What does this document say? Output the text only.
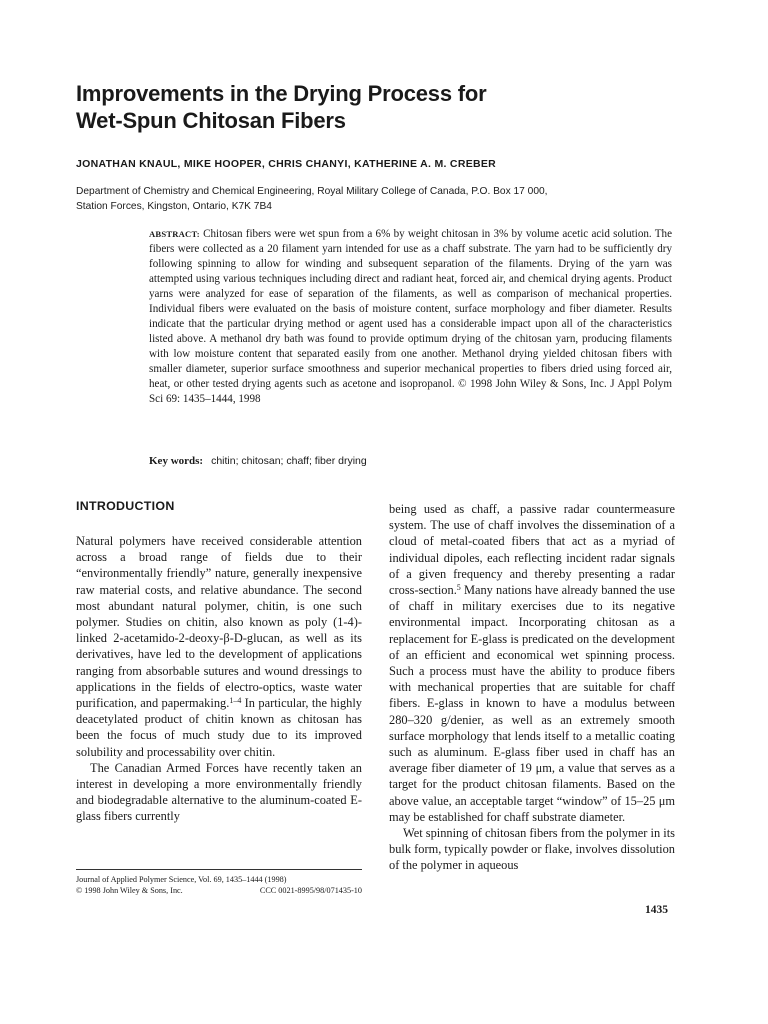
Improvements in the Drying Process for
Wet-Spun Chitosan Fibers
JONATHAN KNAUL, MIKE HOOPER, CHRIS CHANYI, KATHERINE A. M. CREBER
Department of Chemistry and Chemical Engineering, Royal Military College of Canada, P.O. Box 17 000,
Station Forces, Kingston, Ontario, K7K 7B4
ABSTRACT: Chitosan fibers were wet spun from a 6% by weight chitosan in 3% by volume acetic acid solution. The fibers were collected as a 20 filament yarn intended for use as a chaff substrate. The yarn had to be sufficiently dry following spinning to allow for winding and subsequent separation of the filaments. Drying of the yarn was attempted using various techniques including direct and radiant heat, forced air, and chemical drying agents. Product yarns were analyzed for ease of separation of the filaments, as well as comparison of mechanical properties. Individual fibers were evaluated on the basis of moisture content, surface morphology and fiber diameter. Results indicate that the particular drying method or agent used has a considerable impact upon all of the characteristics listed above. A methanol dry bath was found to provide optimum drying of the chitosan yarn, producing filaments with low moisture content that separated easily from one another. Methanol drying yielded chitosan fibers with smaller diameter, superior surface smoothness and superior mechanical properties to fibers dried using forced air, heat, or other tested drying agents such as acetone and isopropanol. © 1998 John Wiley & Sons, Inc. J Appl Polym Sci 69: 1435–1444, 1998
Key words: chitin; chitosan; chaff; fiber drying
INTRODUCTION

Natural polymers have received considerable attention across a broad range of fields due to their “environmentally friendly” nature, generally inexpensive raw material costs, and relative abundance. The second most abundant natural polymer, chitin, is one such polymer. Studies on chitin, also known as poly (1-4)-linked 2-acetamido-2-deoxy-β-D-glucan, as well as its derivatives, have led to the development of applications ranging from absorbable sutures and wound dressings to applications in the fields of electro-optics, waste water purification, and papermaking.$^{1-4}$ In particular, the highly deacetylated product of chitin known as chitosan has been the focus of much study due to its improved solubility and processability over chitin.

The Canadian Armed Forces have recently taken an interest in developing a more environmentally friendly and biodegradable alternative to the aluminum-coated E-glass fibers currently

being used as chaff, a passive radar countermeasure system. The use of chaff involves the dissemination of a cloud of metal-coated fibers that act as a myriad of individual dipoles, each reflecting incident radar signals of a given frequency and thereby presenting a radar cross-section.$^5$ Many nations have already banned the use of chaff in military exercises due to its negative environmental impact. Incorporating chitosan as a replacement for E-glass is predicated on the development of an efficient and economical wet spinning process. Such a process must have the ability to produce fibers with mechanical properties that are suitable for chaff fibers. E-glass in known to have a modulus between 280–320 g/denier, as well as an extremely smooth surface morphology that lends itself to a metallic coating such as aluminum. E-glass fiber used in chaff has an average fiber diameter of 19 μm, a value that serves as a target for the product chitosan filaments. Based on the above value, an acceptable target “window” of 15–25 μm may be established for chaff substrate diameter.

Wet spinning of chitosan fibers from the polymer in its bulk form, typically powder or flake, involves dissolution of the polymer in aqueous

Journal of Applied Polymer Science, Vol. 69, 1435–1444 (1998)
© 1998 John Wiley & Sons, Inc.	CCC 0021-8995/98/071435-10
1435
